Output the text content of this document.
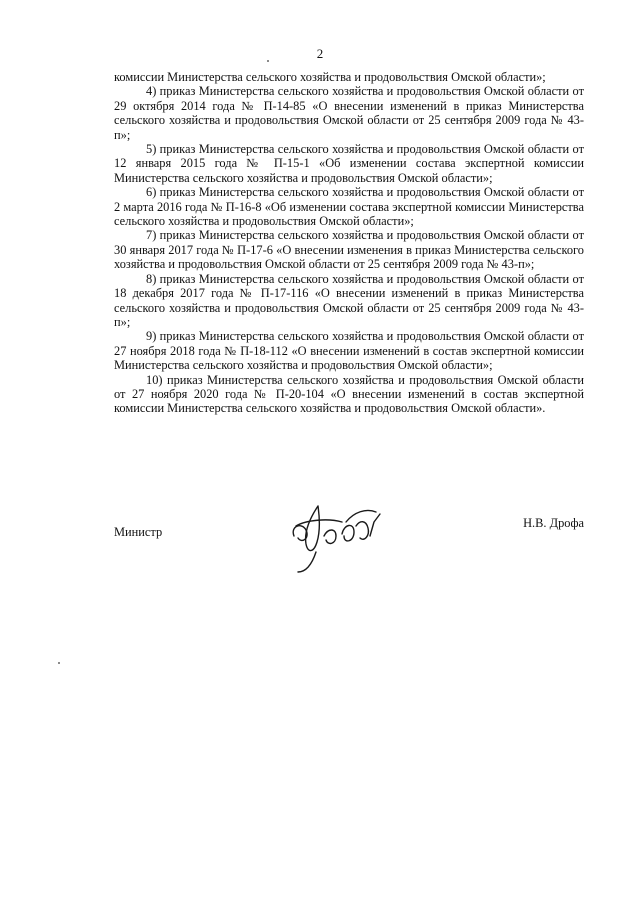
2

комиссии Министерства сельского хозяйства и продовольствия Омской области»;

4) приказ Министерства сельского хозяйства и продовольствия Омской области от 29 октября 2014 года № П-14-85 «О внесении изменений в приказ Министерства сельского хозяйства и продовольствия Омской области от 25 сентября 2009 года № 43-п»;

5) приказ Министерства сельского хозяйства и продовольствия Омской области от 12 января 2015 года № П-15-1 «Об изменении состава экспертной комиссии Министерства сельского хозяйства и продовольствия Омской области»;

6) приказ Министерства сельского хозяйства и продовольствия Омской области от 2 марта 2016 года № П-16-8 «Об изменении состава экспертной комиссии Министерства сельского хозяйства и продовольствия Омской области»;

7) приказ Министерства сельского хозяйства и продовольствия Омской области от 30 января 2017 года № П-17-6 «О внесении изменения в приказ Министерства сельского хозяйства и продовольствия Омской области от 25 сентября 2009 года № 43-п»;

8) приказ Министерства сельского хозяйства и продовольствия Омской области от 18 декабря 2017 года № П-17-116 «О внесении изменений в приказ Министерства сельского хозяйства и продовольствия Омской области от 25 сентября 2009 года № 43-п»;

9) приказ Министерства сельского хозяйства и продовольствия Омской области от 27 ноября 2018 года № П-18-112 «О внесении изменений в состав экспертной комиссии Министерства сельского хозяйства и продовольствия Омской области»;

10) приказ Министерства сельского хозяйства и продовольствия Омской области от 27 ноября 2020 года № П-20-104 «О внесении изменений в состав экспертной комиссии Министерства сельского хозяйства и продовольствия Омской области».

Министр
Н.В. Дрофа
